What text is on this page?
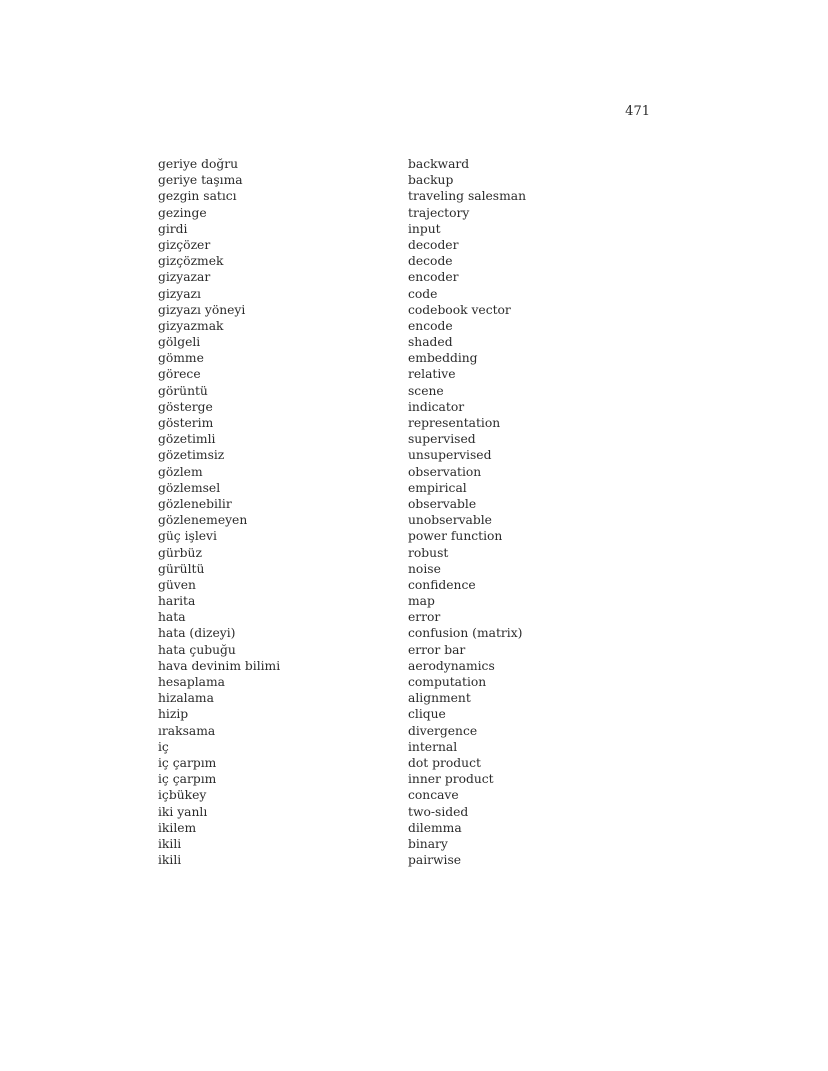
471
geriye doğru	backward
geriye taşıma	backup
gezgin satıcı	traveling salesman
gezinge	trajectory
girdi	input
gizçözer	decoder
gizçözmek	decode
gizyazar	encoder
gizyazı	code
gizyazı yöneyi	codebook vector
gizyazmak	encode
gölgeli	shaded
gömme	embedding
görece	relative
görüntü	scene
gösterge	indicator
gösterim	representation
gözetimli	supervised
gözetimsiz	unsupervised
gözlem	observation
gözlemsel	empirical
gözlenebilir	observable
gözlenemeyen	unobservable
güç işlevi	power function
gürbüz	robust
gürültü	noise
güven	confidence
harita	map
hata	error
hata (dizeyi)	confusion (matrix)
hata çubuğu	error bar
hava devinim bilimi	aerodynamics
hesaplama	computation
hizalama	alignment
hizip	clique
ıraksama	divergence
iç	internal
iç çarpım	dot product
iç çarpım	inner product
içbükey	concave
iki yanlı	two-sided
ikilem	dilemma
ikili	binary
ikili	pairwise
